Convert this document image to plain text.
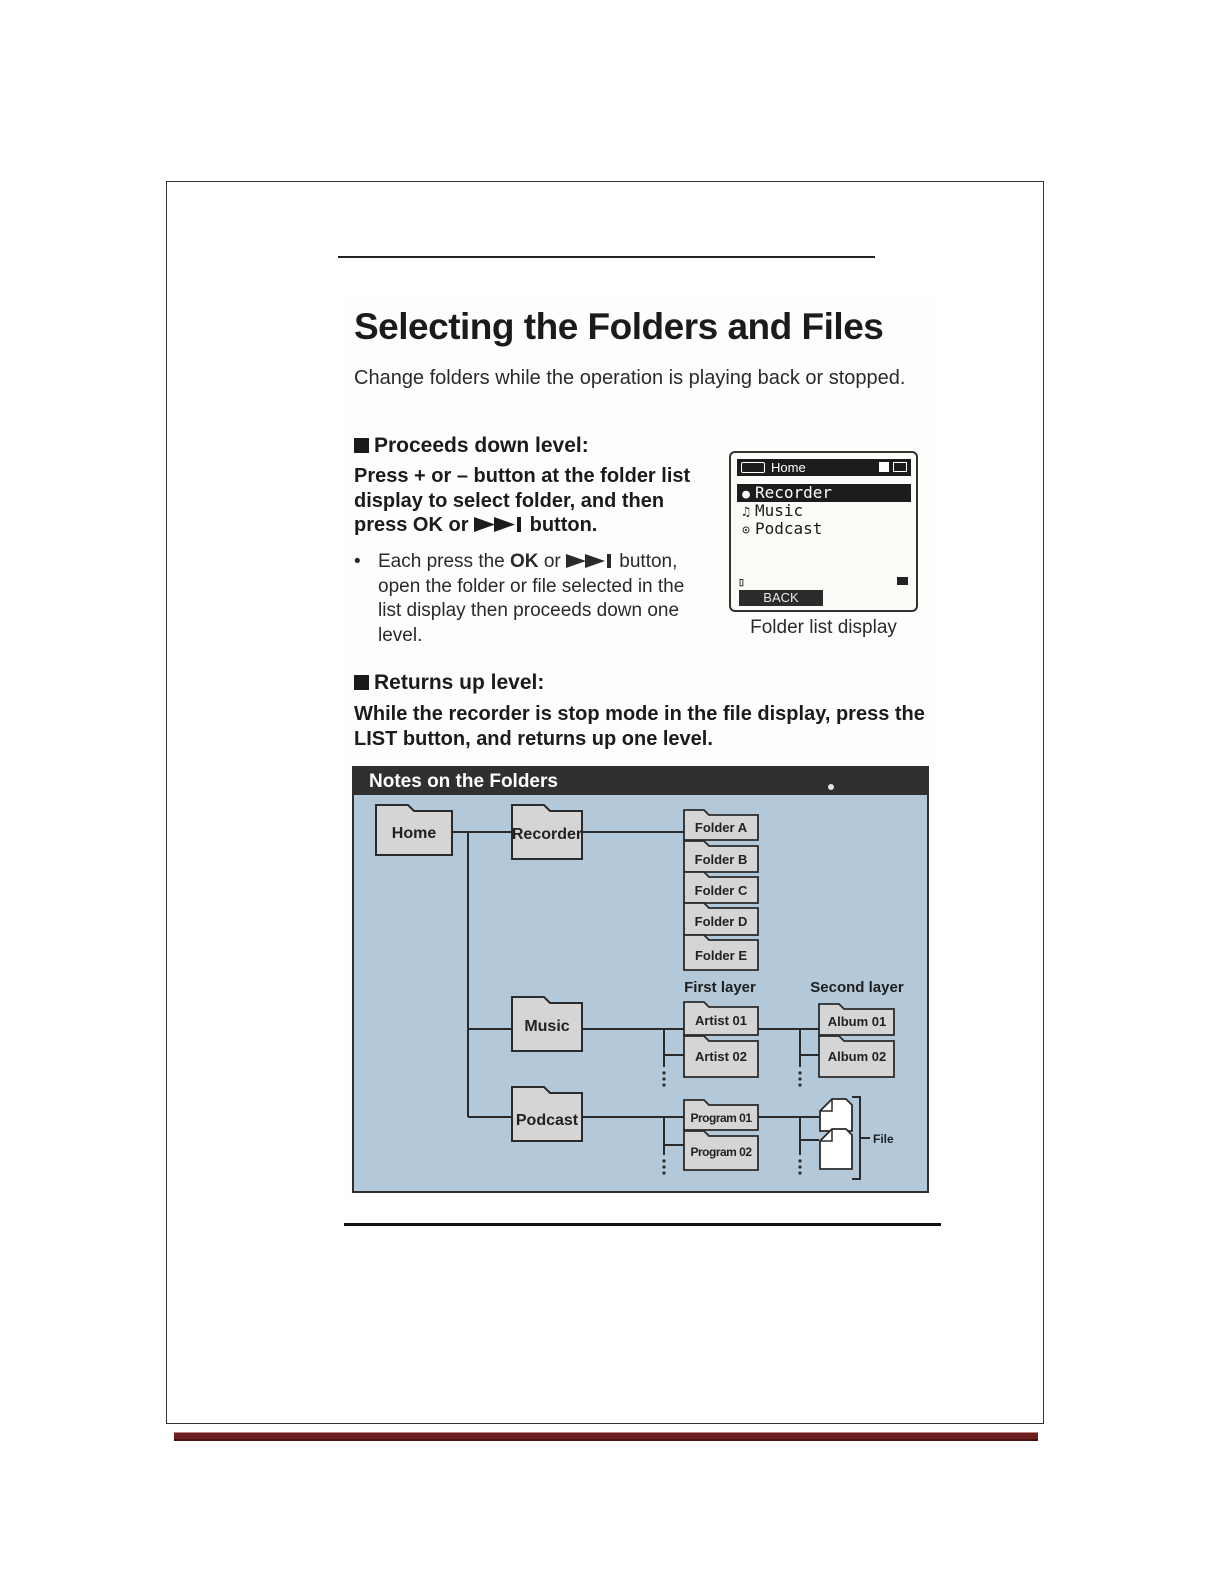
Selecting the Folders and Files

Change folders while the operation is playing back or stopped.

Proceeds down level:

Press + or – button at the folder list display to select folder, and then press OK or	button.

• Each press the OK or	button, open the folder or file selected in the list display then proceeds down one level.
Home
● Recorder
♫ Music
⊙ Podcast
▯
BACK
Folder list display
Returns up level:

While the recorder is stop mode in the file display, press the LIST button, and returns up one level.

Notes on the Folders
Home	Recorder
Music
Podcast
Folder A
Folder B
Folder C
Folder D
Folder E
First layer	Second layer
Artist 01
Artist 02
Album 01
Album 02
Program 01
Program 02
File
